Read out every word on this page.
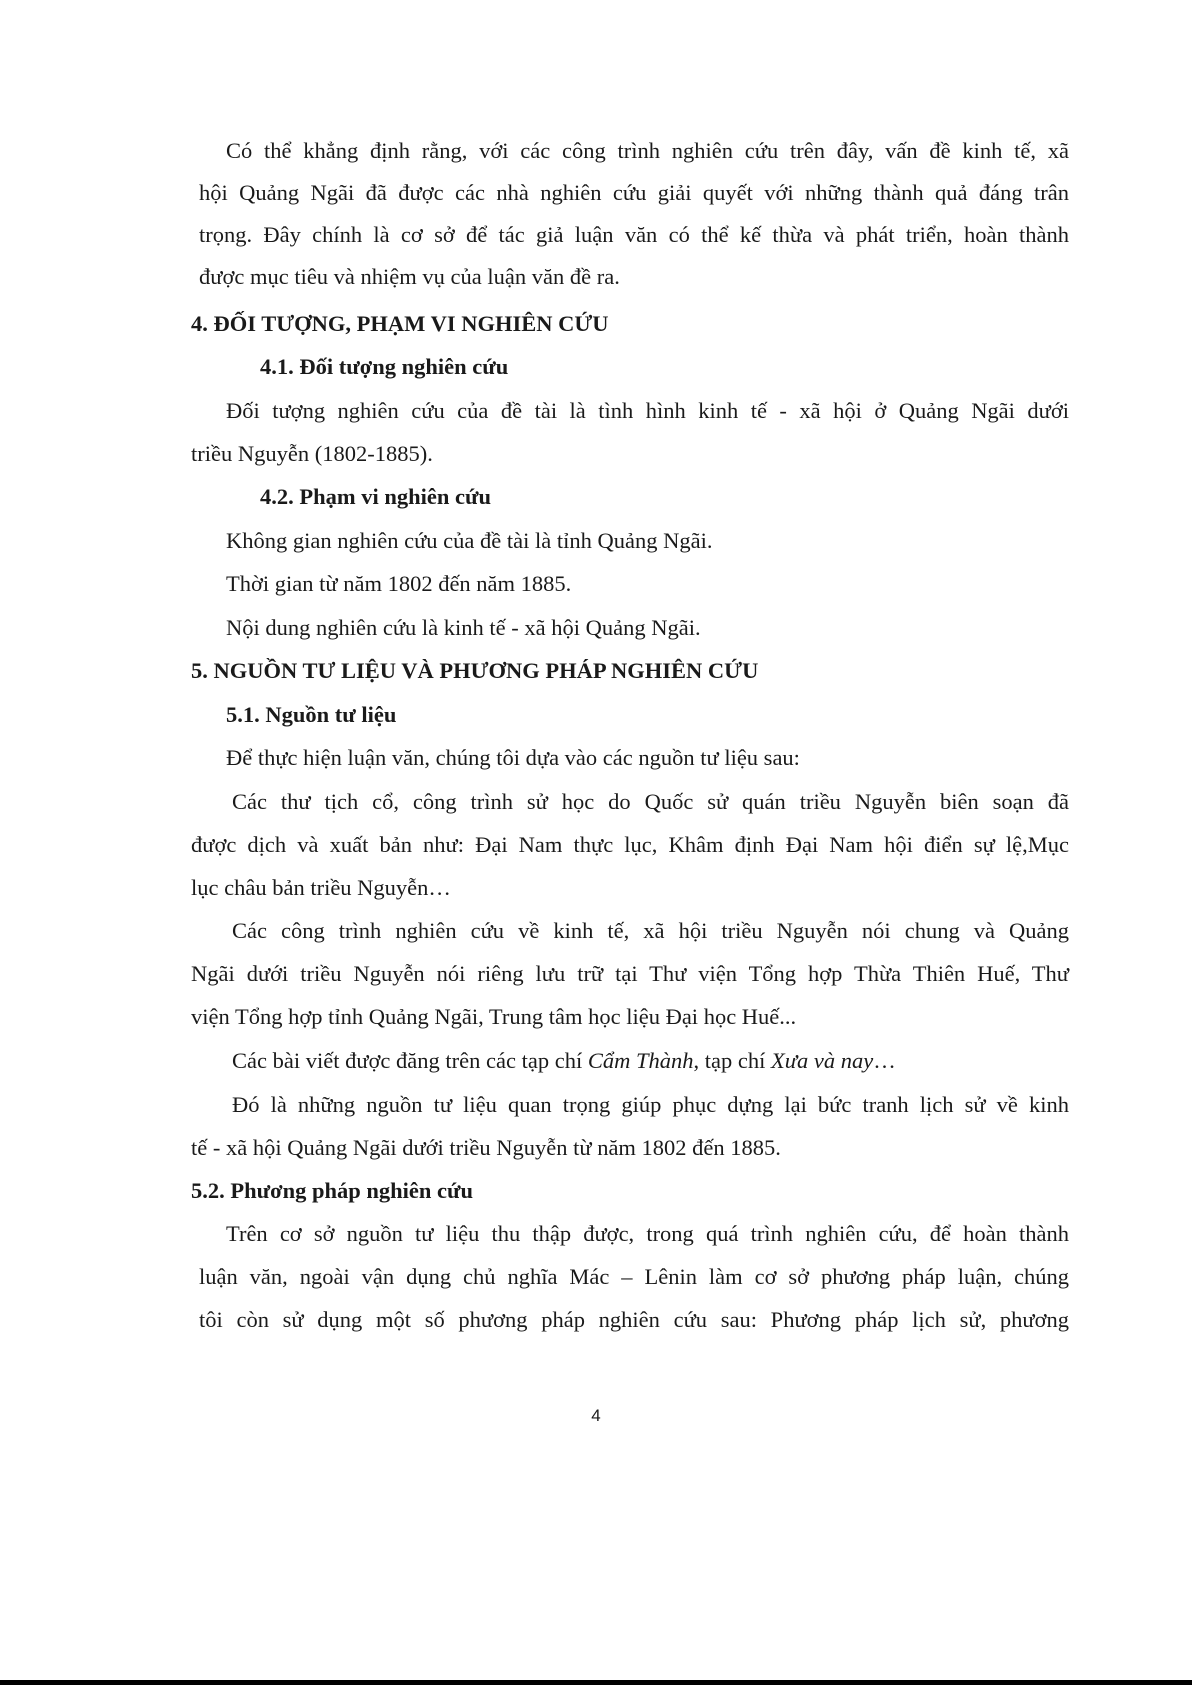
Có thể khẳng định rằng, với các công trình nghiên cứu trên đây, vấn đề kinh tế, xã
hội Quảng Ngãi đã được các nhà nghiên cứu giải quyết với những thành quả đáng trân
trọng. Đây chính là cơ sở để tác giả luận văn có thể kế thừa và phát triển, hoàn thành
được mục tiêu và nhiệm vụ của luận văn đề ra.
4. ĐỐI TƯỢNG, PHẠM VI NGHIÊN CỨU
4.1. Đối tượng nghiên cứu
Đối tượng nghiên cứu của đề tài là tình hình kinh tế - xã hội ở Quảng Ngãi dưới
triều Nguyễn (1802-1885).
4.2. Phạm vi nghiên cứu
Không gian nghiên cứu của đề tài là tỉnh Quảng Ngãi.
Thời gian từ năm 1802 đến năm 1885.
Nội dung nghiên cứu là kinh tế - xã hội Quảng Ngãi.
5. NGUỒN TƯ LIỆU VÀ PHƯƠNG PHÁP NGHIÊN CỨU
5.1. Nguồn tư liệu
Để thực hiện luận văn, chúng tôi dựa vào các nguồn tư liệu sau:
Các thư tịch cổ, công trình sử học do Quốc sử quán triều Nguyễn biên soạn đã
được dịch và xuất bản như: Đại Nam thực lục, Khâm định Đại Nam hội điển sự lệ,Mục
lục châu bản triều Nguyễn…
Các công trình nghiên cứu về kinh tế, xã hội triều Nguyễn nói chung và Quảng
Ngãi dưới triều Nguyễn nói riêng lưu trữ tại Thư viện Tổng hợp Thừa Thiên Huế, Thư
viện Tổng hợp tỉnh Quảng Ngãi, Trung tâm học liệu Đại học Huế...
Các bài viết được đăng trên các tạp chí Cẩm Thành, tạp chí Xưa và nay…
Đó là những nguồn tư liệu quan trọng giúp phục dựng lại bức tranh lịch sử về kinh
tế - xã hội Quảng Ngãi dưới triều Nguyễn từ năm 1802 đến 1885.
5.2. Phương pháp nghiên cứu
Trên cơ sở nguồn tư liệu thu thập được, trong quá trình nghiên cứu, để hoàn thành
luận văn, ngoài vận dụng chủ nghĩa Mác – Lênin làm cơ sở phương pháp luận, chúng
tôi còn sử dụng một số phương pháp nghiên cứu sau: Phương pháp lịch sử, phương
4
